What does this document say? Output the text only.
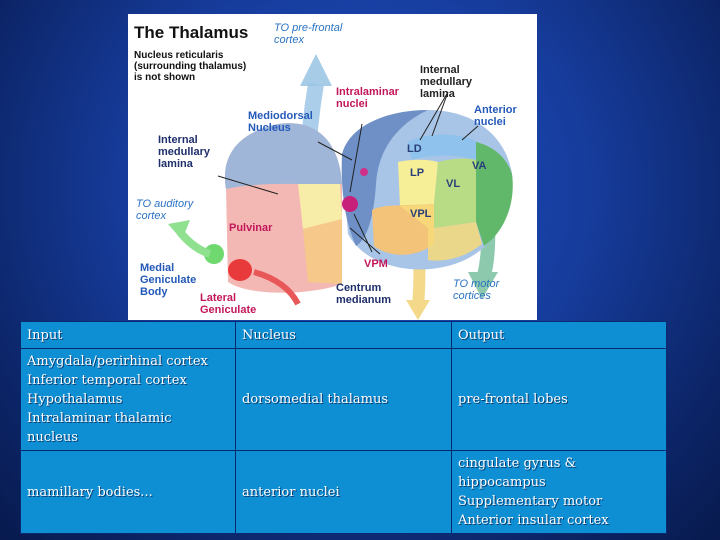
The Thalamus
Nucleus reticularis
(surrounding thalamus)
is not shown
TO pre-frontal
cortex
Intralaminar
nuclei
Internal
medullary
lamina
Anterior
nuclei
Mediodorsal
Nucleus
Internal
medullary
lamina
TO auditory
cortex
Pulvinar
Medial
Geniculate
Body	Lateral
Geniculate
VPM
Centrum
medianum
TO motor
cortices
LD
LP
VL
VA
VPL
Input	Nucleus	Output
Amygdala/perirhinal cortex
Inferior temporal cortex
Hypothalamus
Intralaminar thalamic
nucleus	dorsomedial thalamus	pre-frontal lobes
mamillary bodies...	anterior nuclei	cingulate gyrus &
hippocampus
Supplementary motor
Anterior insular cortex
